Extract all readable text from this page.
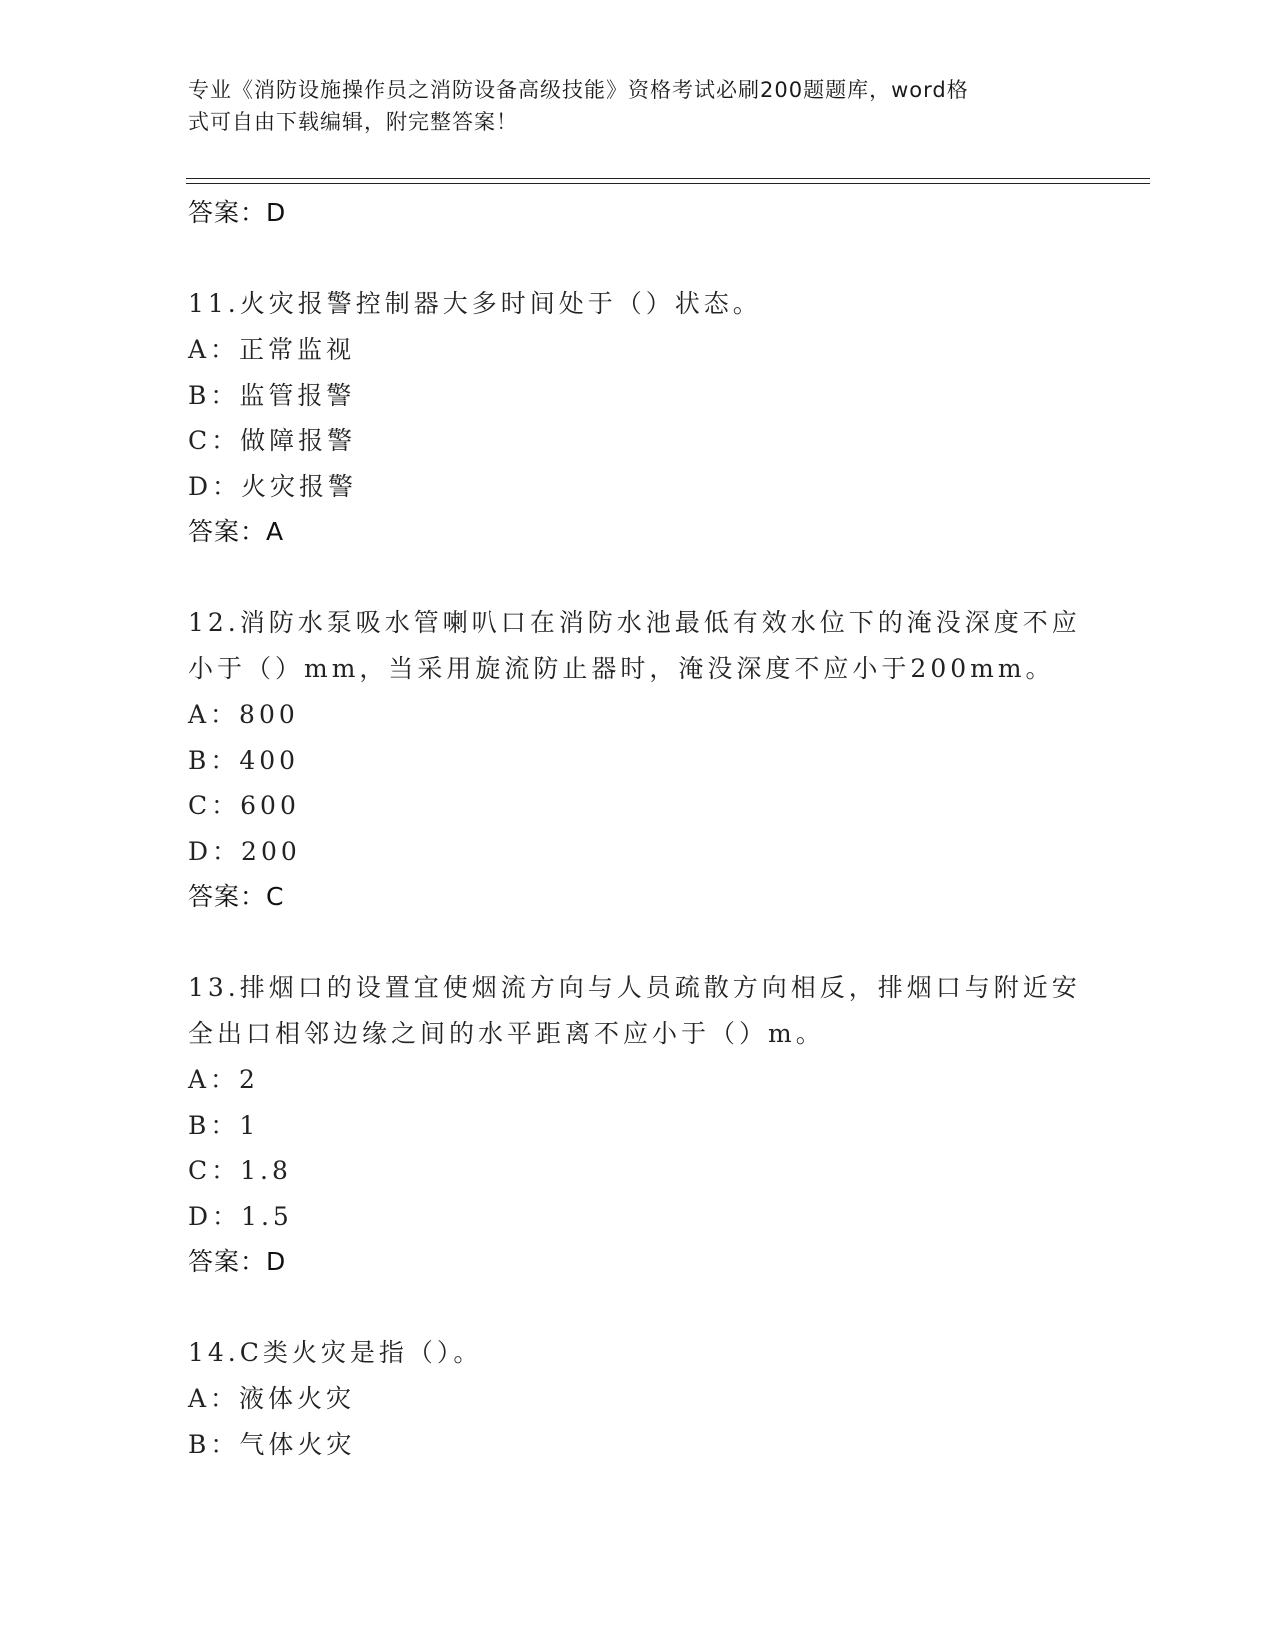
专业《消防设施操作员之消防设备高级技能》资格考试必刷200题题库，word格
式可自由下载编辑，附完整答案！
答案：D
11.火灾报警控制器大多时间处于（）状态。
A：正常监视
B：监管报警
C：做障报警
D：火灾报警
答案：A
12.消防水泵吸水管喇叭口在消防水池最低有效水位下的淹没深度不应
小于（）mm，当采用旋流防止器时，淹没深度不应小于200mm。
A：800
B：400
C：600
D：200
答案：C
13.排烟口的设置宜使烟流方向与人员疏散方向相反，排烟口与附近安
全出口相邻边缘之间的水平距离不应小于（）m。
A：2
B：1
C：1.8
D：1.5
答案：D
14.C类火灾是指（）。
A：液体火灾
B：气体火灾
